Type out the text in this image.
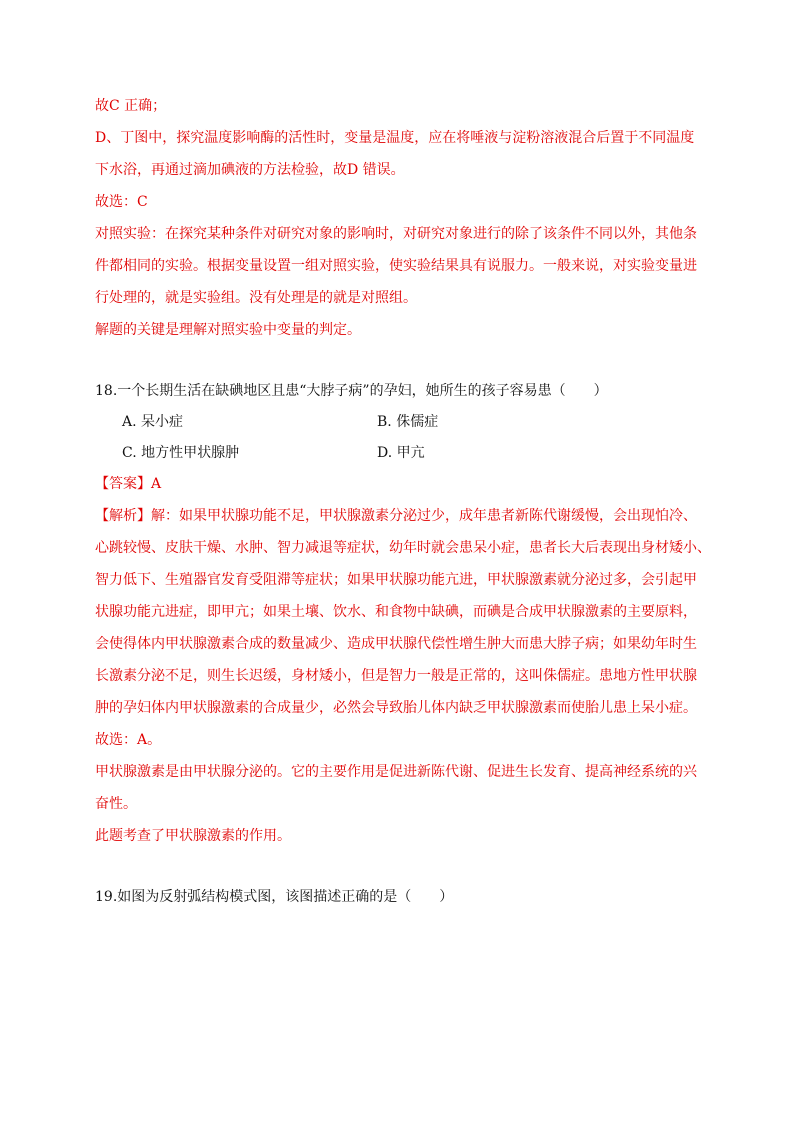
故C 正确；
D、丁图中，探究温度影响酶的活性时，变量是温度，应在将唾液与淀粉溶液混合后置于不同温度
下水浴，再通过滴加碘液的方法检验，故D 错误。
故选：C
对照实验：在探究某种条件对研究对象的影响时，对研究对象进行的除了该条件不同以外，其他条
件都相同的实验。根据变量设置一组对照实验，使实验结果具有说服力。一般来说，对实验变量进
行处理的，就是实验组。没有处理是的就是对照组。
解题的关键是理解对照实验中变量的判定。
18.一个长期生活在缺碘地区且患“大脖子病”的孕妇，她所生的孩子容易患（　　）
A. 呆小症	B. 侏儒症
C. 地方性甲状腺肿	D. 甲亢
【答案】A
【解析】解：如果甲状腺功能不足，甲状腺激素分泌过少，成年患者新陈代谢缓慢，会出现怕冷、
心跳较慢、皮肤干燥、水肿、智力减退等症状，幼年时就会患呆小症，患者长大后表现出身材矮小、
智力低下、生殖器官发育受阻滞等症状；如果甲状腺功能亢进，甲状腺激素就分泌过多，会引起甲
状腺功能亢进症，即甲亢；如果土壤、饮水、和食物中缺碘，而碘是合成甲状腺激素的主要原料，
会使得体内甲状腺激素合成的数量减少、造成甲状腺代偿性增生肿大而患大脖子病；如果幼年时生
长激素分泌不足，则生长迟缓，身材矮小，但是智力一般是正常的，这叫侏儒症。患地方性甲状腺
肿的孕妇体内甲状腺激素的合成量少，必然会导致胎儿体内缺乏甲状腺激素而使胎儿患上呆小症。
故选：A。
甲状腺激素是由甲状腺分泌的。它的主要作用是促进新陈代谢、促进生长发育、提高神经系统的兴
奋性。
此题考查了甲状腺激素的作用。
19.如图为反射弧结构模式图，该图描述正确的是（　　）
